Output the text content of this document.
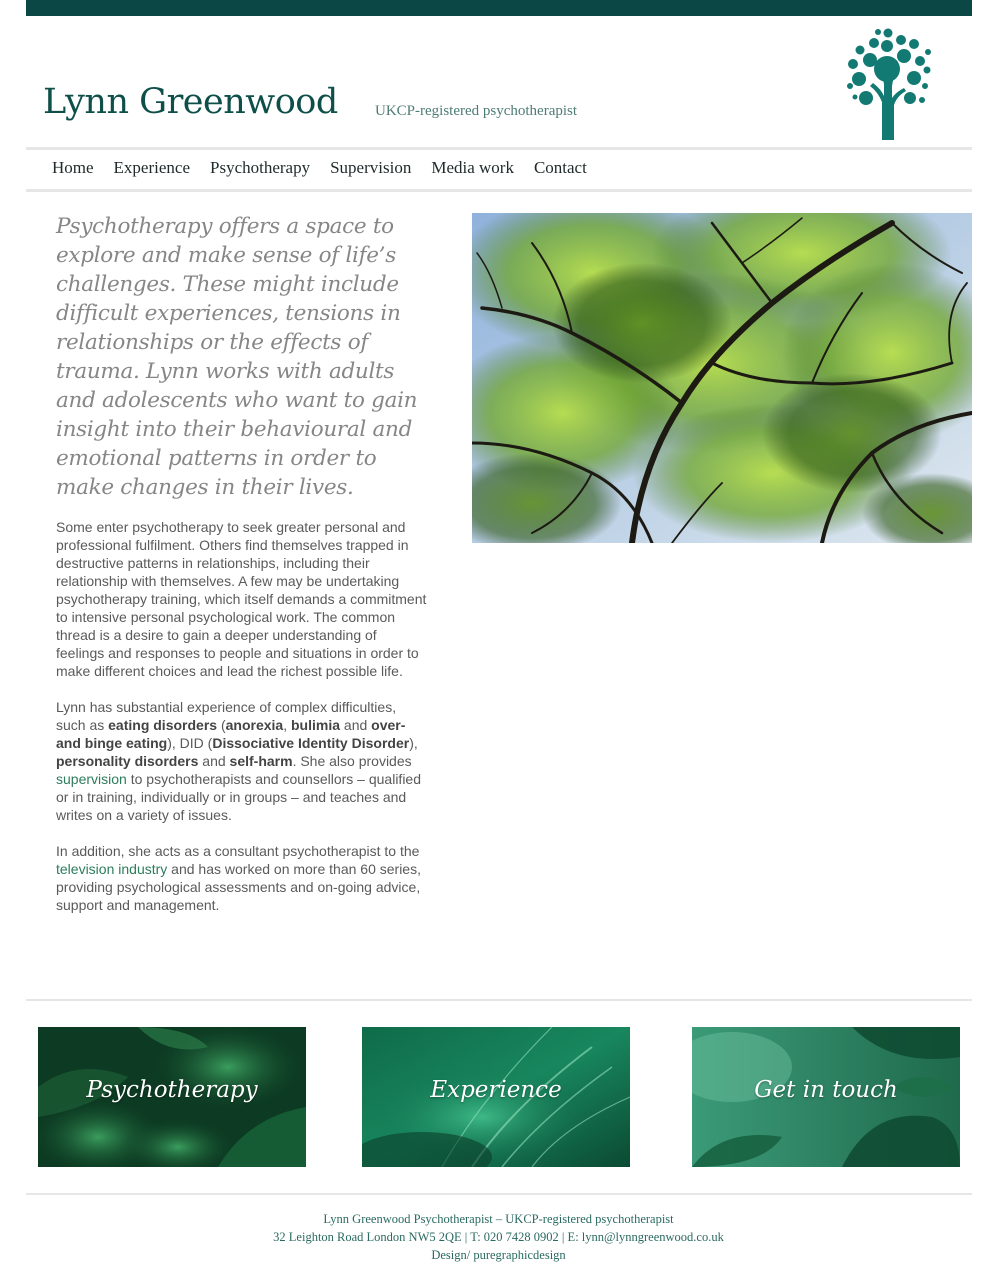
Lynn Greenwood UKCP-registered psychotherapist
Home Experience Psychotherapy Supervision Media work Contact

Psychotherapy offers a space to explore and make sense of life’s challenges. These might include difficult experiences, tensions in relationships or the effects of trauma. Lynn works with adults and adolescents who want to gain insight into their behavioural and emotional patterns in order to make changes in their lives.

Some enter psychotherapy to seek greater personal and professional fulfilment. Others find themselves trapped in destructive patterns in relationships, including their relationship with themselves. A few may be undertaking psychotherapy training, which itself demands a commitment to intensive personal psychological work. The common thread is a desire to gain a deeper understanding of feelings and responses to people and situations in order to make different choices and lead the richest possible life.

Lynn has substantial experience of complex difficulties, such as eating disorders (anorexia, bulimia and over- and binge eating), DID (Dissociative Identity Disorder), personality disorders and self-harm. She also provides supervision to psychotherapists and counsellors – qualified or in training, individually or in groups – and teaches and writes on a variety of issues.

In addition, she acts as a consultant psychotherapist to the television industry and has worked on more than 60 series, providing psychological assessments and on-going advice, support and management.

Psychotherapy	Experience	Get in touch
Lynn Greenwood Psychotherapist – UKCP-registered psychotherapist
32 Leighton Road London NW5 2QE | T: 020 7428 0902 | E: lynn@lynngreenwood.co.uk
Design/ puregraphicdesign
